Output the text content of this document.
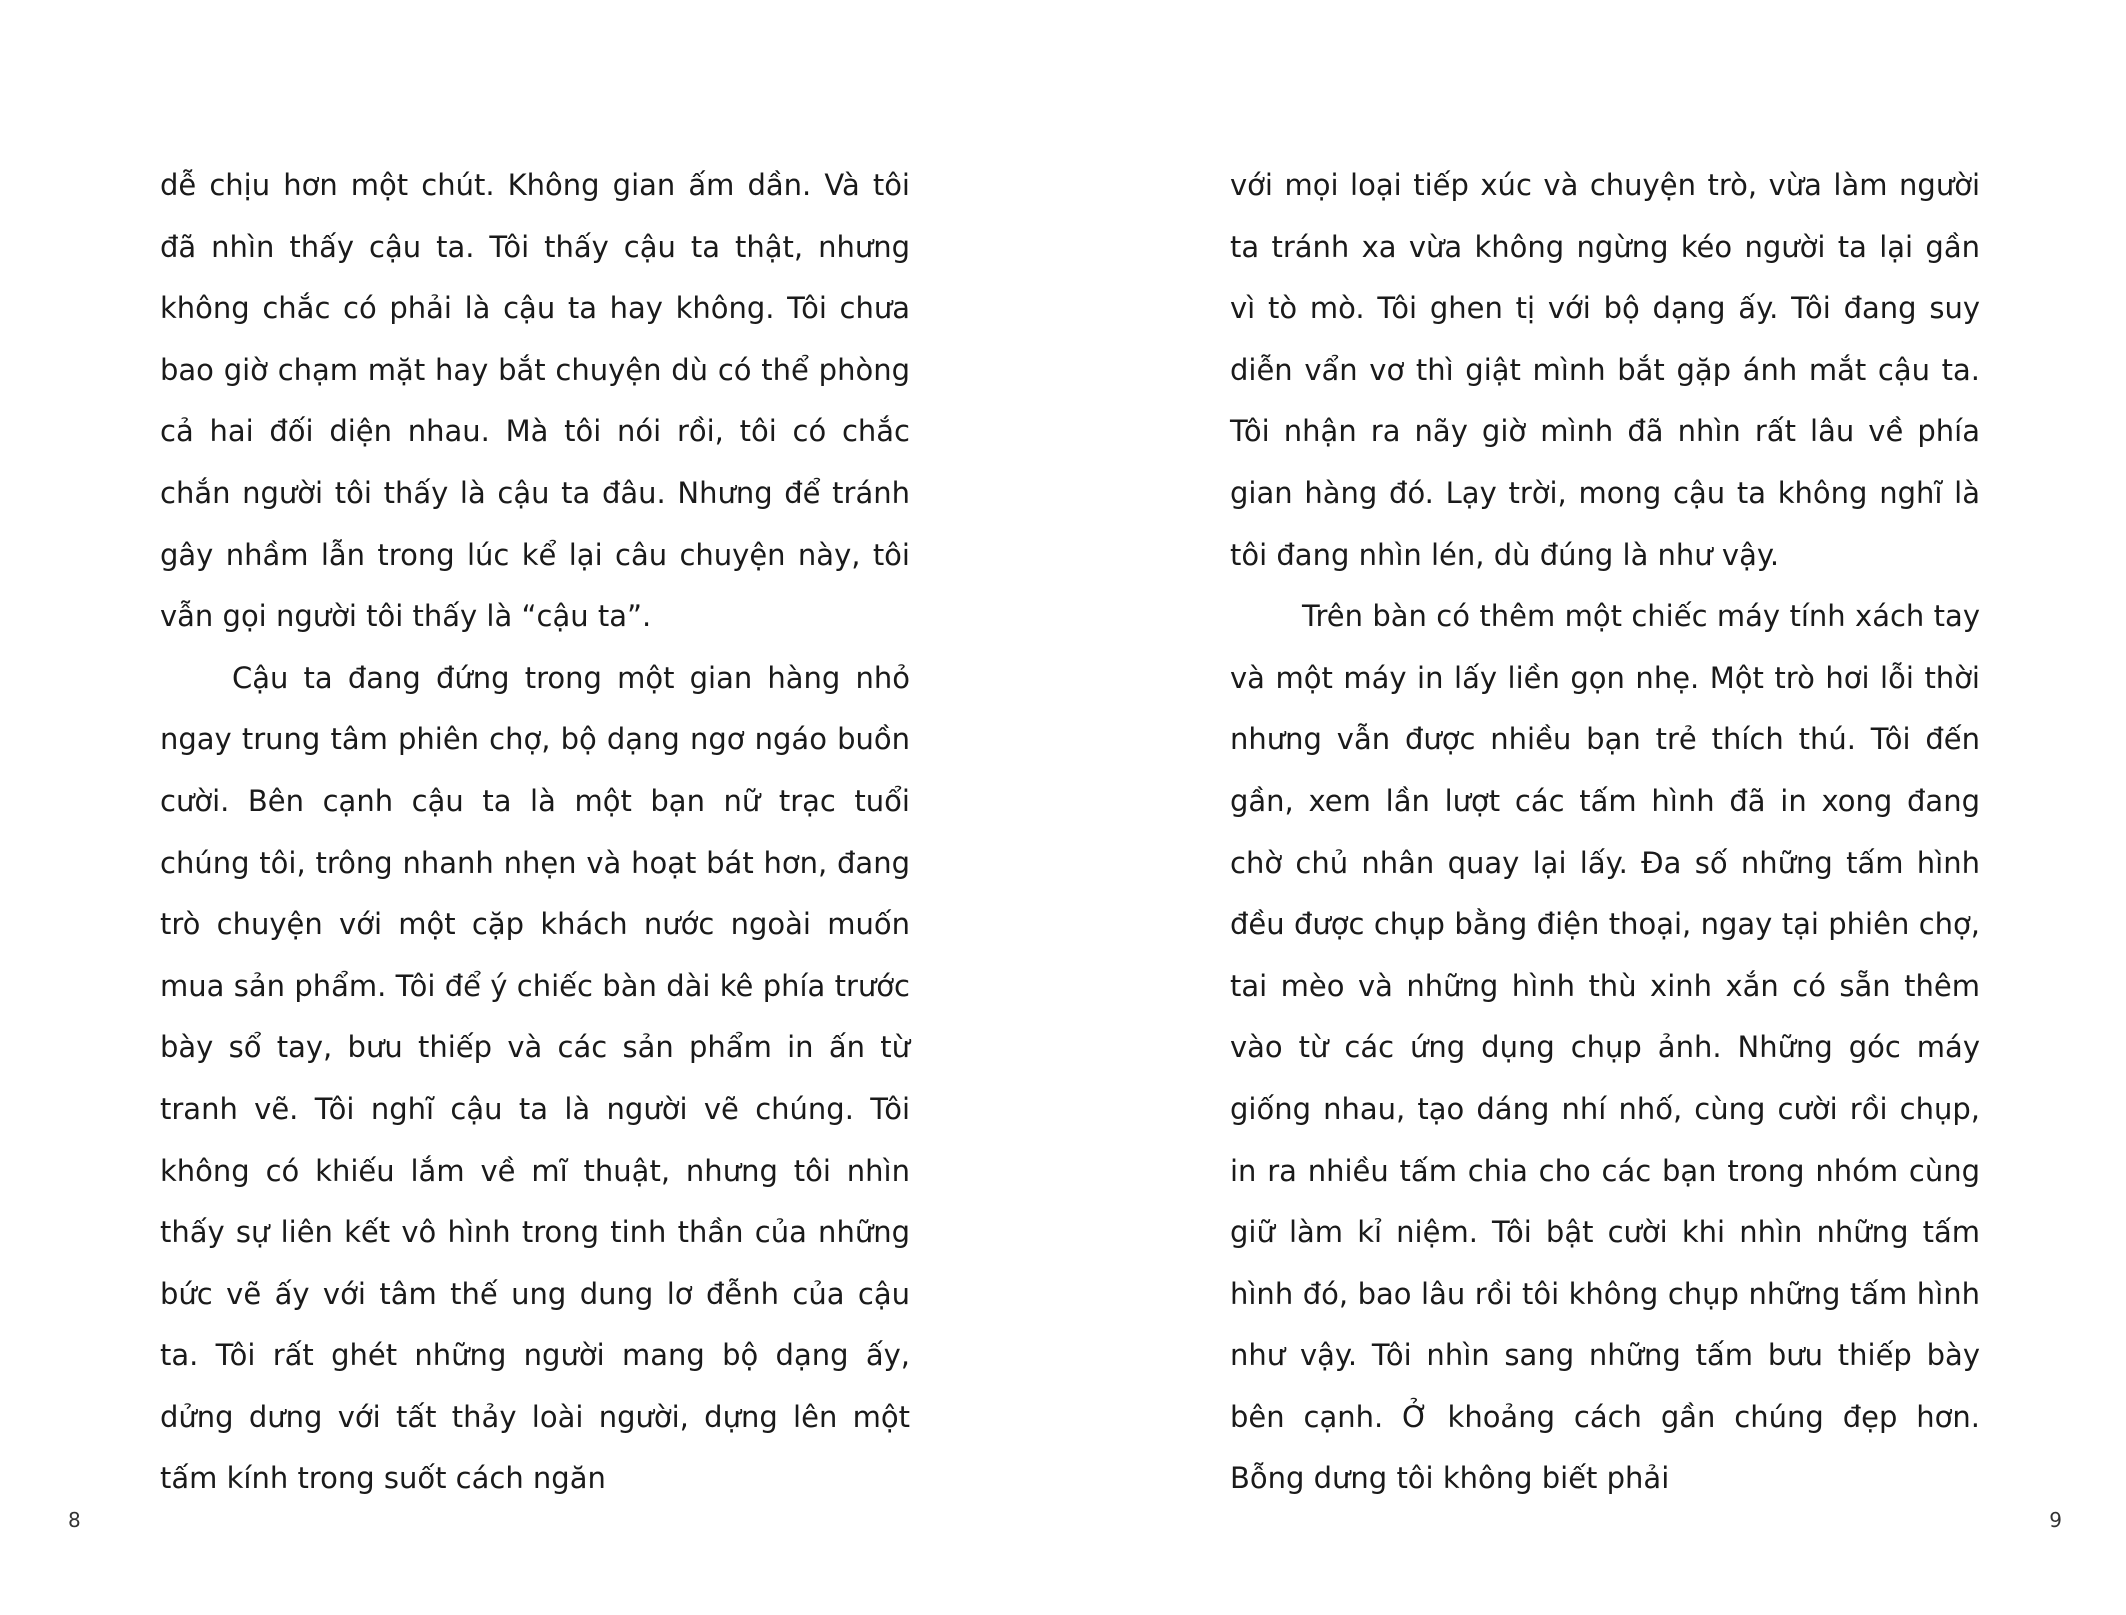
dễ chịu hơn một chút. Không gian ấm dần. Và tôi đã nhìn thấy cậu ta. Tôi thấy cậu ta thật, nhưng không chắc có phải là cậu ta hay không. Tôi chưa bao giờ chạm mặt hay bắt chuyện dù có thể phòng cả hai đối diện nhau. Mà tôi nói rồi, tôi có chắc chắn người tôi thấy là cậu ta đâu. Nhưng để tránh gây nhầm lẫn trong lúc kể lại câu chuyện này, tôi vẫn gọi người tôi thấy là “cậu ta”.

Cậu ta đang đứng trong một gian hàng nhỏ ngay trung tâm phiên chợ, bộ dạng ngơ ngáo buồn cười. Bên cạnh cậu ta là một bạn nữ trạc tuổi chúng tôi, trông nhanh nhẹn và hoạt bát hơn, đang trò chuyện với một cặp khách nước ngoài muốn mua sản phẩm. Tôi để ý chiếc bàn dài kê phía trước bày sổ tay, bưu thiếp và các sản phẩm in ấn từ tranh vẽ. Tôi nghĩ cậu ta là người vẽ chúng. Tôi không có khiếu lắm về mĩ thuật, nhưng tôi nhìn thấy sự liên kết vô hình trong tinh thần của những bức vẽ ấy với tâm thế ung dung lơ đễnh của cậu ta. Tôi rất ghét những người mang bộ dạng ấy, dửng dưng với tất thảy loài người, dựng lên một tấm kính trong suốt cách ngăn

8

với mọi loại tiếp xúc và chuyện trò, vừa làm người ta tránh xa vừa không ngừng kéo người ta lại gần vì tò mò. Tôi ghen tị với bộ dạng ấy. Tôi đang suy diễn vẩn vơ thì giật mình bắt gặp ánh mắt cậu ta. Tôi nhận ra nãy giờ mình đã nhìn rất lâu về phía gian hàng đó. Lạy trời, mong cậu ta không nghĩ là tôi đang nhìn lén, dù đúng là như vậy.

Trên bàn có thêm một chiếc máy tính xách tay và một máy in lấy liền gọn nhẹ. Một trò hơi lỗi thời nhưng vẫn được nhiều bạn trẻ thích thú. Tôi đến gần, xem lần lượt các tấm hình đã in xong đang chờ chủ nhân quay lại lấy. Đa số những tấm hình đều được chụp bằng điện thoại, ngay tại phiên chợ, tai mèo và những hình thù xinh xắn có sẵn thêm vào từ các ứng dụng chụp ảnh. Những góc máy giống nhau, tạo dáng nhí nhố, cùng cười rồi chụp, in ra nhiều tấm chia cho các bạn trong nhóm cùng giữ làm kỉ niệm. Tôi bật cười khi nhìn những tấm hình đó, bao lâu rồi tôi không chụp những tấm hình như vậy. Tôi nhìn sang những tấm bưu thiếp bày bên cạnh. Ở khoảng cách gần chúng đẹp hơn. Bỗng dưng tôi không biết phải

9
